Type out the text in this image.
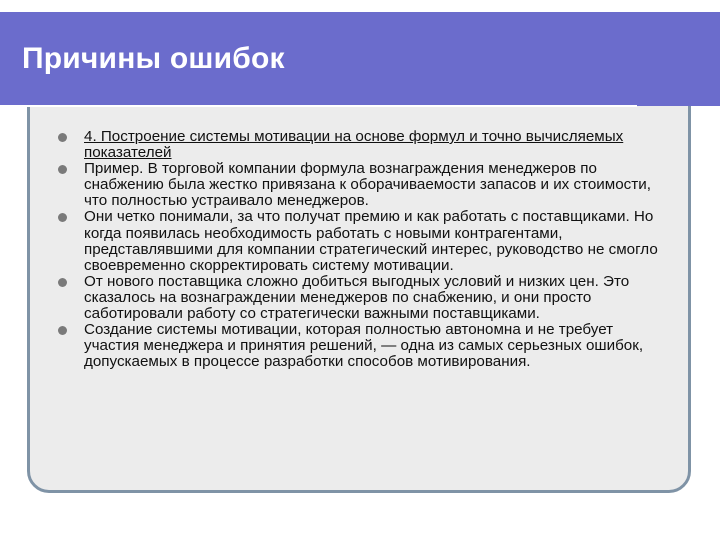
Причины ошибок
4. Построение системы мотивации на основе формул и точно вычисляемых показателей
Пример. В торговой компании формула вознаграждения менеджеров по снабжению была жестко привязана к оборачиваемости запасов и их стоимости, что полностью устраивало менеджеров.
Они четко понимали, за что получат премию и как работать с поставщиками. Но когда появилась необходимость работать с новыми контрагентами, представлявшими для компании стратегический интерес, руководство не смогло своевременно скорректировать систему мотивации.
От нового поставщика сложно добиться выгодных условий и низких цен. Это сказалось на вознаграждении менеджеров по снабжению, и они просто саботировали работу со стратегически важными поставщиками.
Создание системы мотивации, которая полностью автономна и не требует участия менеджера и принятия решений, — одна из самых серьезных ошибок, допускаемых в процессе разработки способов мотивирования.
